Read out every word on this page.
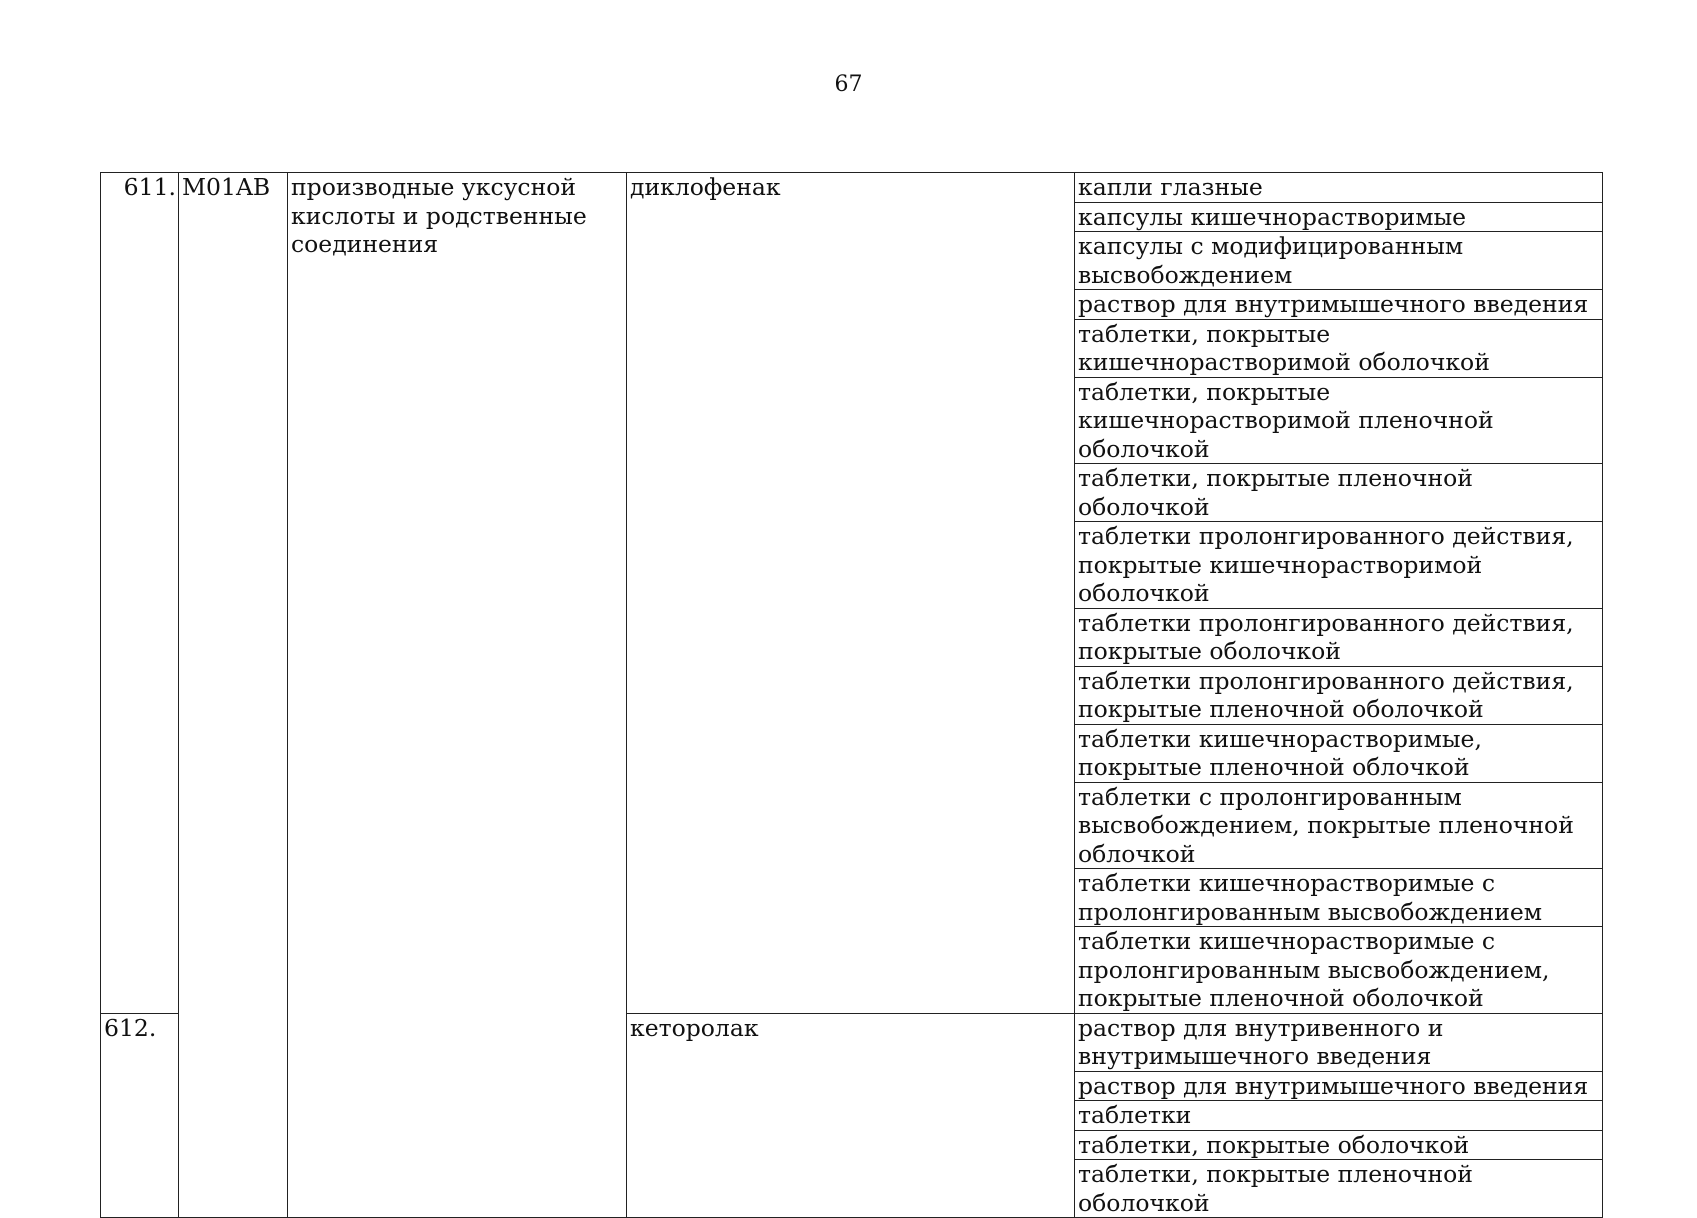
67
611.	M01AB	производные уксусной кислоты и родственные соединения	диклофенак	капли глазные
				капсулы кишечнорастворимые
				капсулы с модифицированным высвобождением
				раствор для внутримышечного введения
				таблетки, покрытые кишечнорастворимой оболочкой
				таблетки, покрытые кишечнорастворимой пленочной оболочкой
				таблетки, покрытые пленочной оболочкой
				таблетки пролонгированного действия, покрытые кишечнорастворимой оболочкой
				таблетки пролонгированного действия, покрытые оболочкой
				таблетки пролонгированного действия, покрытые пленочной оболочкой
				таблетки кишечнорастворимые, покрытые пленочной облочкой
				таблетки с пролонгированным высвобождением, покрытые пленочной облочкой
				таблетки кишечнорастворимые с пролонгированным высвобождением
				таблетки кишечнорастворимые с пролонгированным высвобождением, покрытые пленочной оболочкой
612.			кеторолак	раствор для внутривенного и внутримышечного введения
				раствор для внутримышечного введения
				таблетки
				таблетки, покрытые оболочкой
				таблетки, покрытые пленочной оболочкой
